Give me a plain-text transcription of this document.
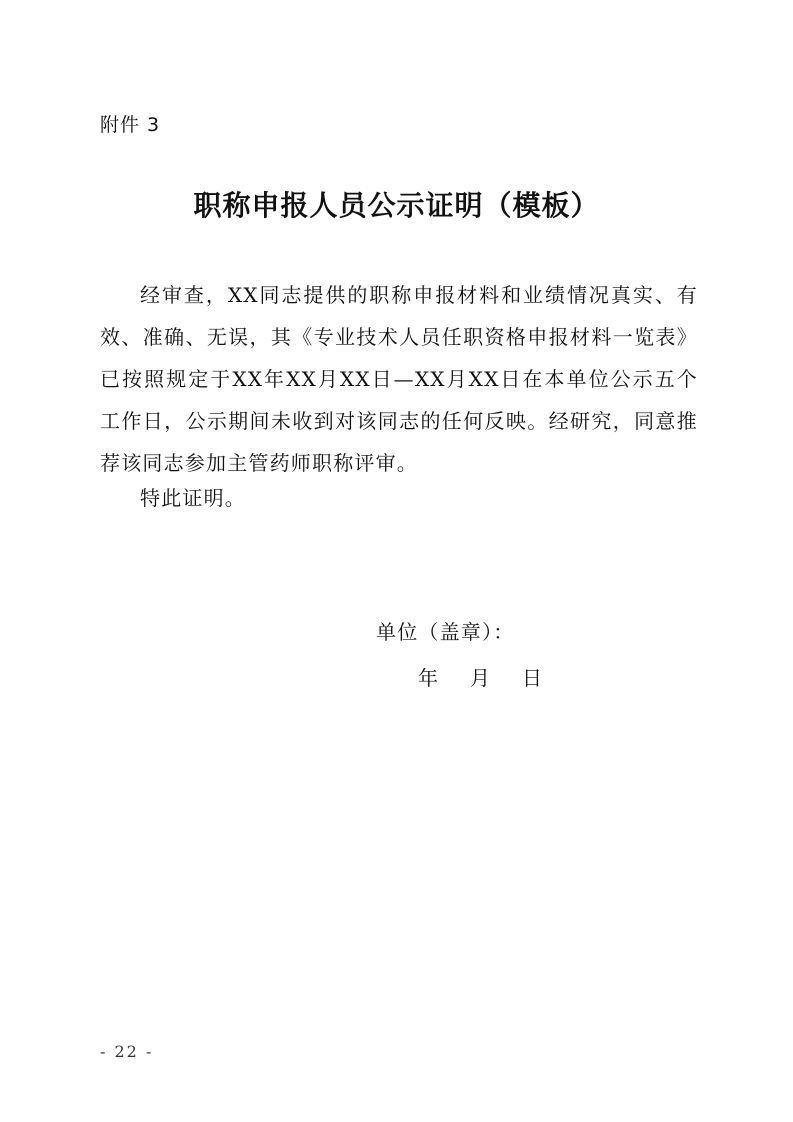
附件 3
职称申报人员公示证明（模板）

经审查，XX同志提供的职称申报材料和业绩情况真实、有效、准确、无误，其《专业技术人员任职资格申报材料一览表》已按照规定于XX年XX月XX日—XX月XX日在本单位公示五个工作日，公示期间未收到对该同志的任何反映。经研究，同意推荐该同志参加主管药师职称评审。

特此证明。
单位（盖章）：
年 月 日
- 22 -
